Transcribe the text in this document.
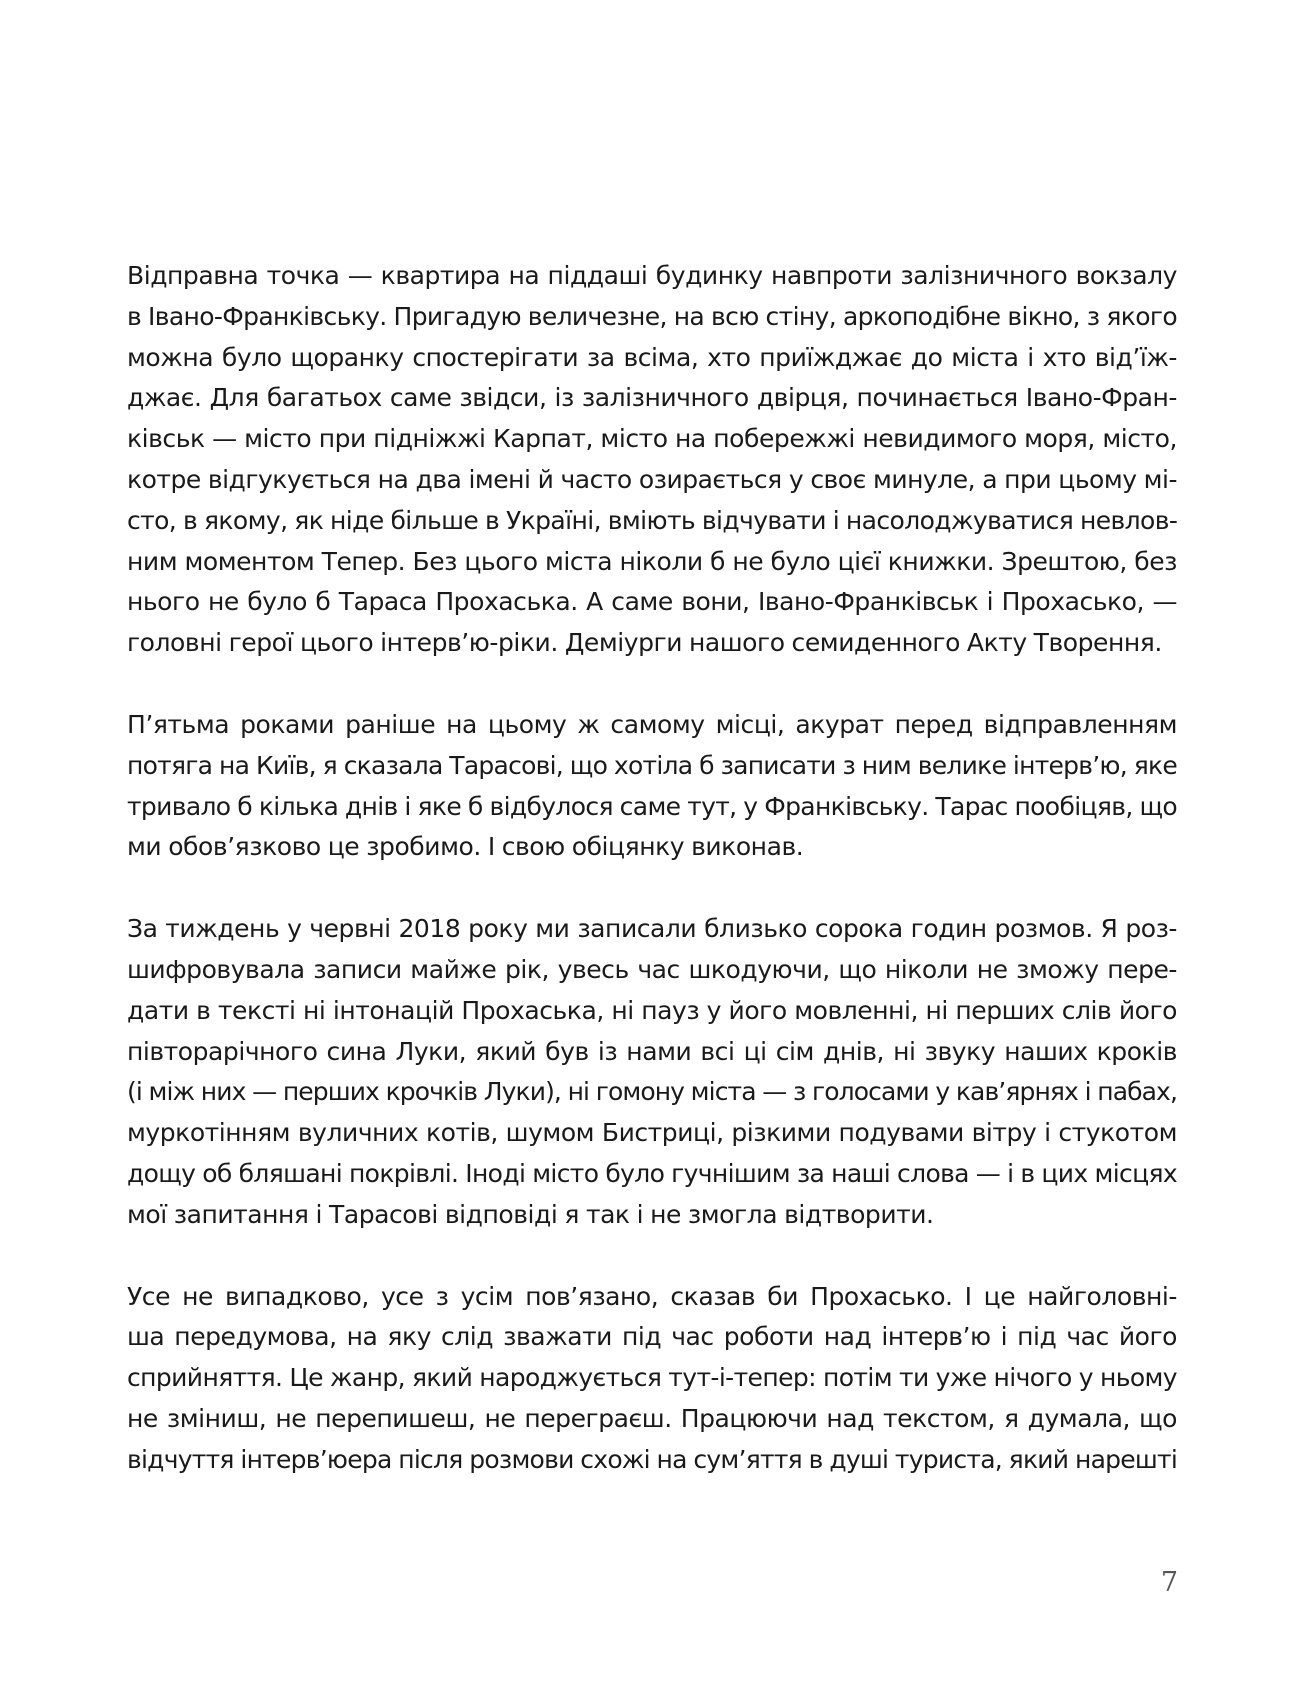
Відправна точка — квартира на піддаші будинку навпроти залізничного вокзалу
в Івано-Франківську. Пригадую величезне, на всю стіну, аркоподібне вікно, з якого
можна було щоранку спостерігати за всіма, хто приїжджає до міста і хто від’їж-
джає. Для багатьох саме звідси, із залізничного двірця, починається Івано-Фран-
ківськ — місто при підніжжі Карпат, місто на побережжі невидимого моря, місто,
котре відгукується на два імені й часто озирається у своє минуле, а при цьому мі-
сто, в якому, як ніде більше в Україні, вміють відчувати і насолоджуватися невлов-
ним моментом Тепер. Без цього міста ніколи б не було цієї книжки. Зрештою, без
нього не було б Тараса Прохаська. А саме вони, Івано-Франківськ і Прохасько, —
головні герої цього інтерв’ю-ріки. Деміурги нашого семиденного Акту Творення.

П’ятьма роками раніше на цьому ж самому місці, акурат перед відправленням
потяга на Київ, я сказала Тарасові, що хотіла б записати з ним велике інтерв’ю, яке
тривало б кілька днів і яке б відбулося саме тут, у Франківську. Тарас пообіцяв, що
ми обов’язково це зробимо. І свою обіцянку виконав.

За тиждень у червні 2018 року ми записали близько сорока годин розмов. Я роз-
шифровувала записи майже рік, увесь час шкодуючи, що ніколи не зможу пере-
дати в тексті ні інтонацій Прохаська, ні пауз у його мовленні, ні перших слів його
півторарічного сина Луки, який був із нами всі ці сім днів, ні звуку наших кроків
(і між них — перших крочків Луки), ні гомону міста — з голосами у кав’ярнях і пабах,
муркотінням вуличних котів, шумом Бистриці, різкими подувами вітру і стукотом
дощу об бляшані покрівлі. Іноді місто було гучнішим за наші слова — і в цих місцях
мої запитання і Тарасові відповіді я так і не змогла відтворити.

Усе не випадково, усе з усім пов’язано, сказав би Прохасько. І це найголовні-
ша передумова, на яку слід зважати під час роботи над інтерв’ю і під час його
сприйняття. Це жанр, який народжується тут-і-тепер: потім ти уже нічого у ньому
не зміниш, не перепишеш, не переграєш. Працюючи над текстом, я думала, що
відчуття інтерв’юера після розмови схожі на сум’яття в душі туриста, який нарешті

7
